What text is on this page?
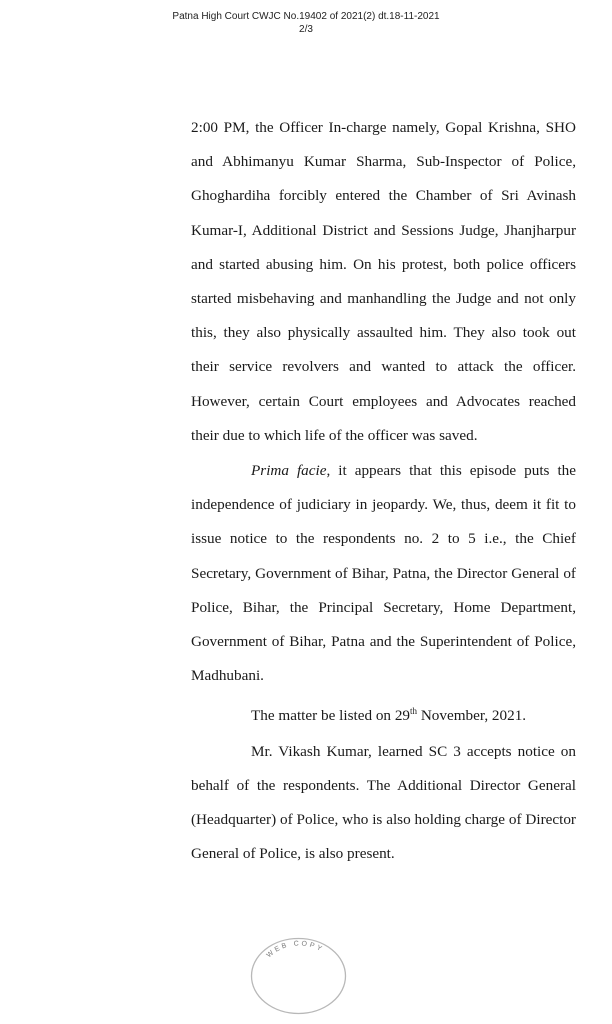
Patna High Court CWJC No.19402 of 2021(2) dt.18-11-2021
2/3

2:00 PM, the Officer In-charge namely, Gopal Krishna, SHO and Abhimanyu Kumar Sharma, Sub-Inspector of Police, Ghoghardiha forcibly entered the Chamber of Sri Avinash Kumar-I, Additional District and Sessions Judge, Jhanjharpur and started abusing him. On his protest, both police officers started misbehaving and manhandling the Judge and not only this, they also physically assaulted him. They also took out their service revolvers and wanted to attack the officer. However, certain Court employees and Advocates reached their due to which life of the officer was saved.

Prima facie, it appears that this episode puts the independence of judiciary in jeopardy. We, thus, deem it fit to issue notice to the respondents no. 2 to 5 i.e., the Chief Secretary, Government of Bihar, Patna, the Director General of Police, Bihar, the Principal Secretary, Home Department, Government of Bihar, Patna and the Superintendent of Police, Madhubani.

The matter be listed on 29th November, 2021.

Mr. Vikash Kumar, learned SC 3 accepts notice on behalf of the respondents. The Additional Director General (Headquarter) of Police, who is also holding charge of Director General of Police, is also present.

WEB COPY
